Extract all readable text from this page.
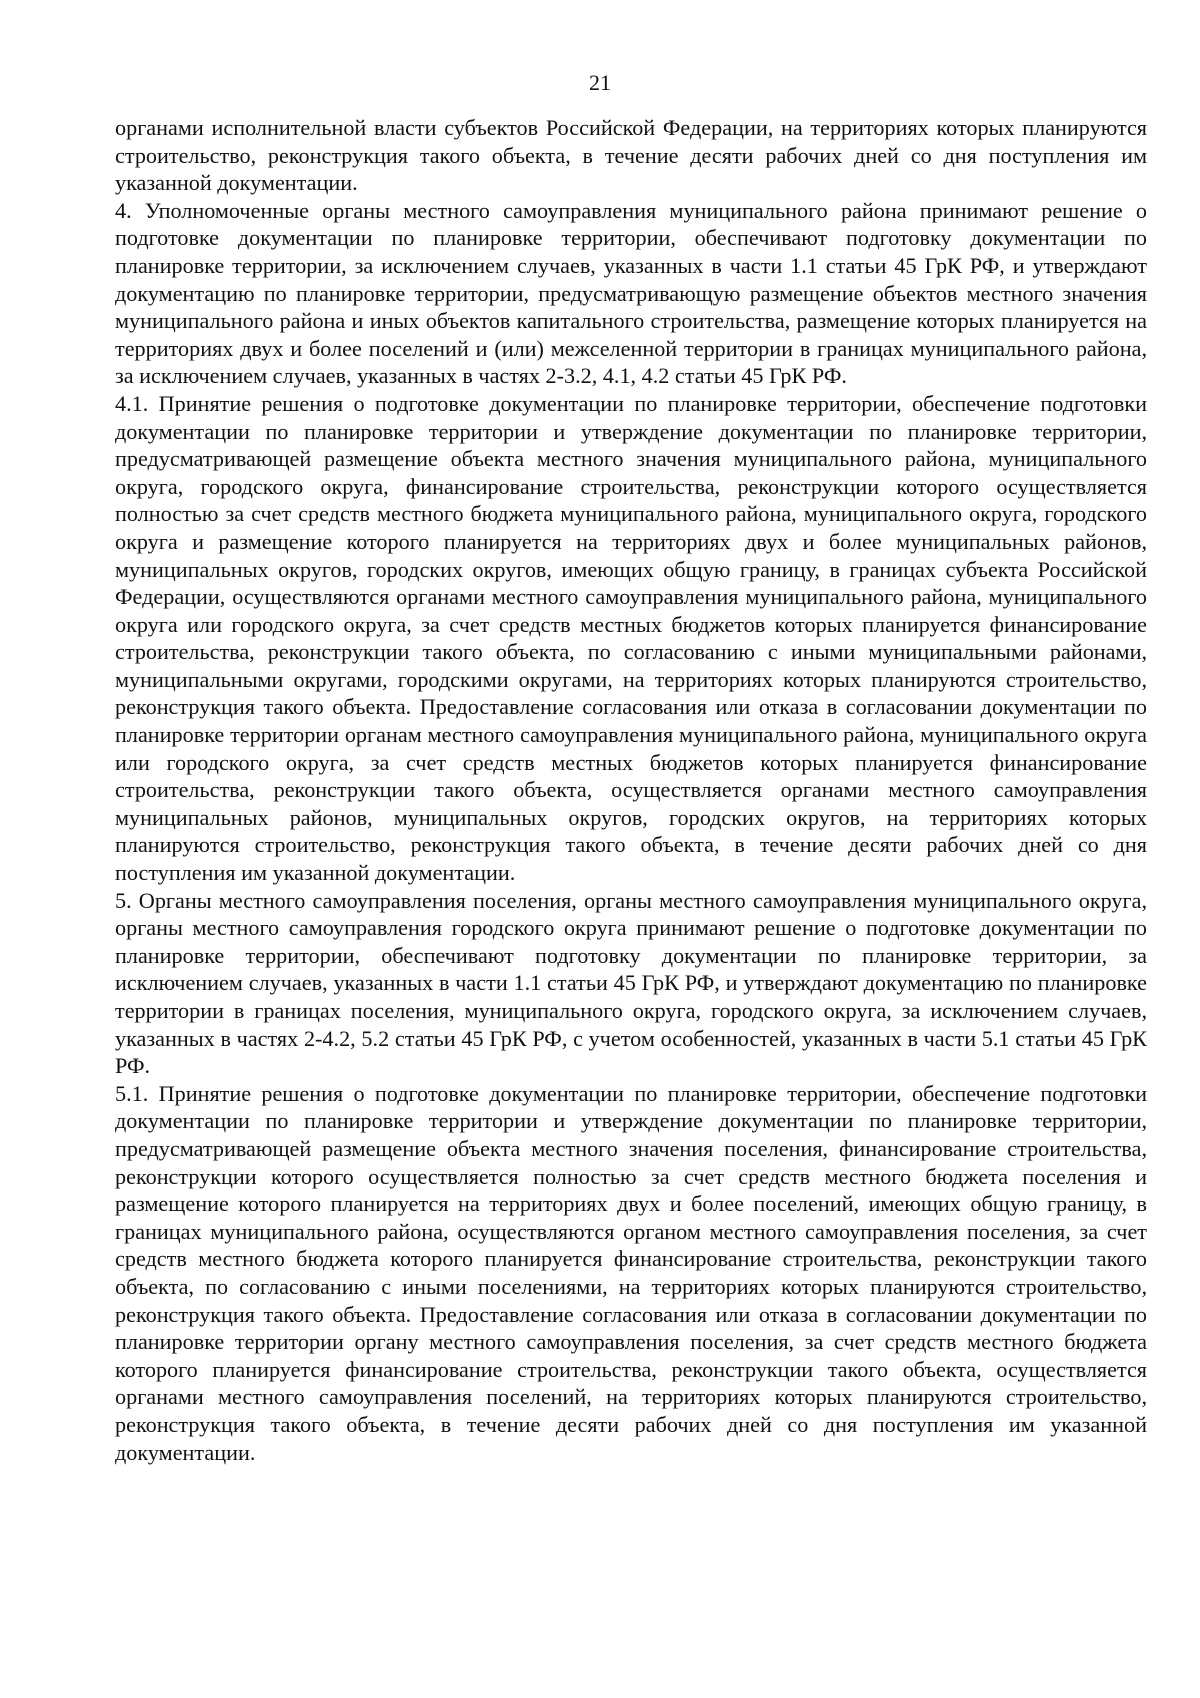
21

органами исполнительной власти субъектов Российской Федерации, на территориях которых планируются строительство, реконструкция такого объекта, в течение десяти рабочих дней со дня поступления им указанной документации.

4. Уполномоченные органы местного самоуправления муниципального района принимают решение о подготовке документации по планировке территории, обеспечивают подготовку документации по планировке территории, за исключением случаев, указанных в части 1.1 статьи 45 ГрК РФ, и утверждают документацию по планировке территории, предусматривающую размещение объектов местного значения муниципального района и иных объектов капитального строительства, размещение которых планируется на территориях двух и более поселений и (или) межселенной территории в границах муниципального района, за исключением случаев, указанных в частях 2-3.2, 4.1, 4.2 статьи 45 ГрК РФ.

4.1. Принятие решения о подготовке документации по планировке территории, обеспечение подготовки документации по планировке территории и утверждение документации по планировке территории, предусматривающей размещение объекта местного значения муниципального района, муниципального округа, городского округа, финансирование строительства, реконструкции которого осуществляется полностью за счет средств местного бюджета муниципального района, муниципального округа, городского округа и размещение которого планируется на территориях двух и более муниципальных районов, муниципальных округов, городских округов, имеющих общую границу, в границах субъекта Российской Федерации, осуществляются органами местного самоуправления муниципального района, муниципального округа или городского округа, за счет средств местных бюджетов которых планируется финансирование строительства, реконструкции такого объекта, по согласованию с иными муниципальными районами, муниципальными округами, городскими округами, на территориях которых планируются строительство, реконструкция такого объекта. Предоставление согласования или отказа в согласовании документации по планировке территории органам местного самоуправления муниципального района, муниципального округа или городского округа, за счет средств местных бюджетов которых планируется финансирование строительства, реконструкции такого объекта, осуществляется органами местного самоуправления муниципальных районов, муниципальных округов, городских округов, на территориях которых планируются строительство, реконструкция такого объекта, в течение десяти рабочих дней со дня поступления им указанной документации.

5. Органы местного самоуправления поселения, органы местного самоуправления муниципального округа, органы местного самоуправления городского округа принимают решение о подготовке документации по планировке территории, обеспечивают подготовку документации по планировке территории, за исключением случаев, указанных в части 1.1 статьи 45 ГрК РФ, и утверждают документацию по планировке территории в границах поселения, муниципального округа, городского округа, за исключением случаев, указанных в частях 2-4.2, 5.2 статьи 45 ГрК РФ, с учетом особенностей, указанных в части 5.1 статьи 45 ГрК РФ.

5.1. Принятие решения о подготовке документации по планировке территории, обеспечение подготовки документации по планировке территории и утверждение документации по планировке территории, предусматривающей размещение объекта местного значения поселения, финансирование строительства, реконструкции которого осуществляется полностью за счет средств местного бюджета поселения и размещение которого планируется на территориях двух и более поселений, имеющих общую границу, в границах муниципального района, осуществляются органом местного самоуправления поселения, за счет средств местного бюджета которого планируется финансирование строительства, реконструкции такого объекта, по согласованию с иными поселениями, на территориях которых планируются строительство, реконструкция такого объекта. Предоставление согласования или отказа в согласовании документации по планировке территории органу местного самоуправления поселения, за счет средств местного бюджета которого планируется финансирование строительства, реконструкции такого объекта, осуществляется органами местного самоуправления поселений, на территориях которых планируются строительство, реконструкция такого объекта, в течение десяти рабочих дней со дня поступления им указанной документации.
